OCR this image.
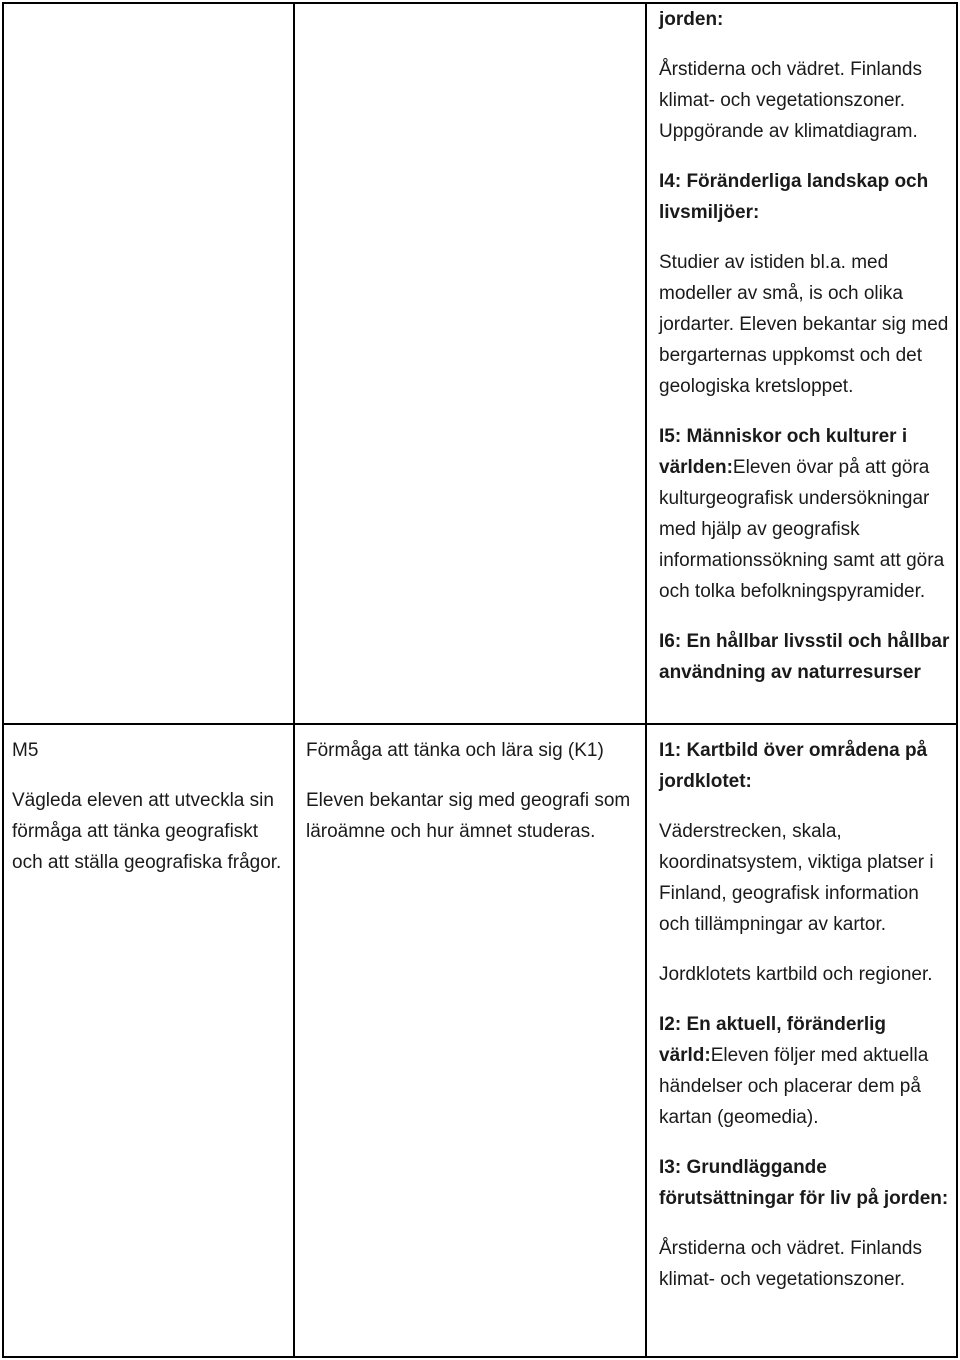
jorden:

Årstiderna och vädret. Finlands klimat- och vegetationszoner. Uppgörande av klimatdiagram.

I4: Föränderliga landskap och livsmiljöer:

Studier av istiden bl.a. med modeller av små, is och olika jordarter. Eleven bekantar sig med bergarternas uppkomst och det geologiska kretsloppet.

I5: Människor och kulturer i världen:Eleven övar på att göra kulturgeografisk undersökningar med hjälp av geografisk informationssökning samt att göra och tolka befolkningspyramider.

I6: En hållbar livsstil och hållbar användning av naturresurser

M5

Vägleda eleven att utveckla sin förmåga att tänka geografiskt och att ställa geografiska frågor.

Förmåga att tänka och lära sig (K1)

Eleven bekantar sig med geografi som läroämne och hur ämnet studeras.

I1: Kartbild över områdena på jordklotet:

Väderstrecken, skala, koordinatsystem, viktiga platser i Finland, geografisk information och tillämpningar av kartor.

Jordklotets kartbild och regioner.

I2: En aktuell, föränderlig värld:Eleven följer med aktuella händelser och placerar dem på kartan (geomedia).

I3: Grundläggande förutsättningar för liv på jorden:

Årstiderna och vädret. Finlands klimat- och vegetationszoner.
